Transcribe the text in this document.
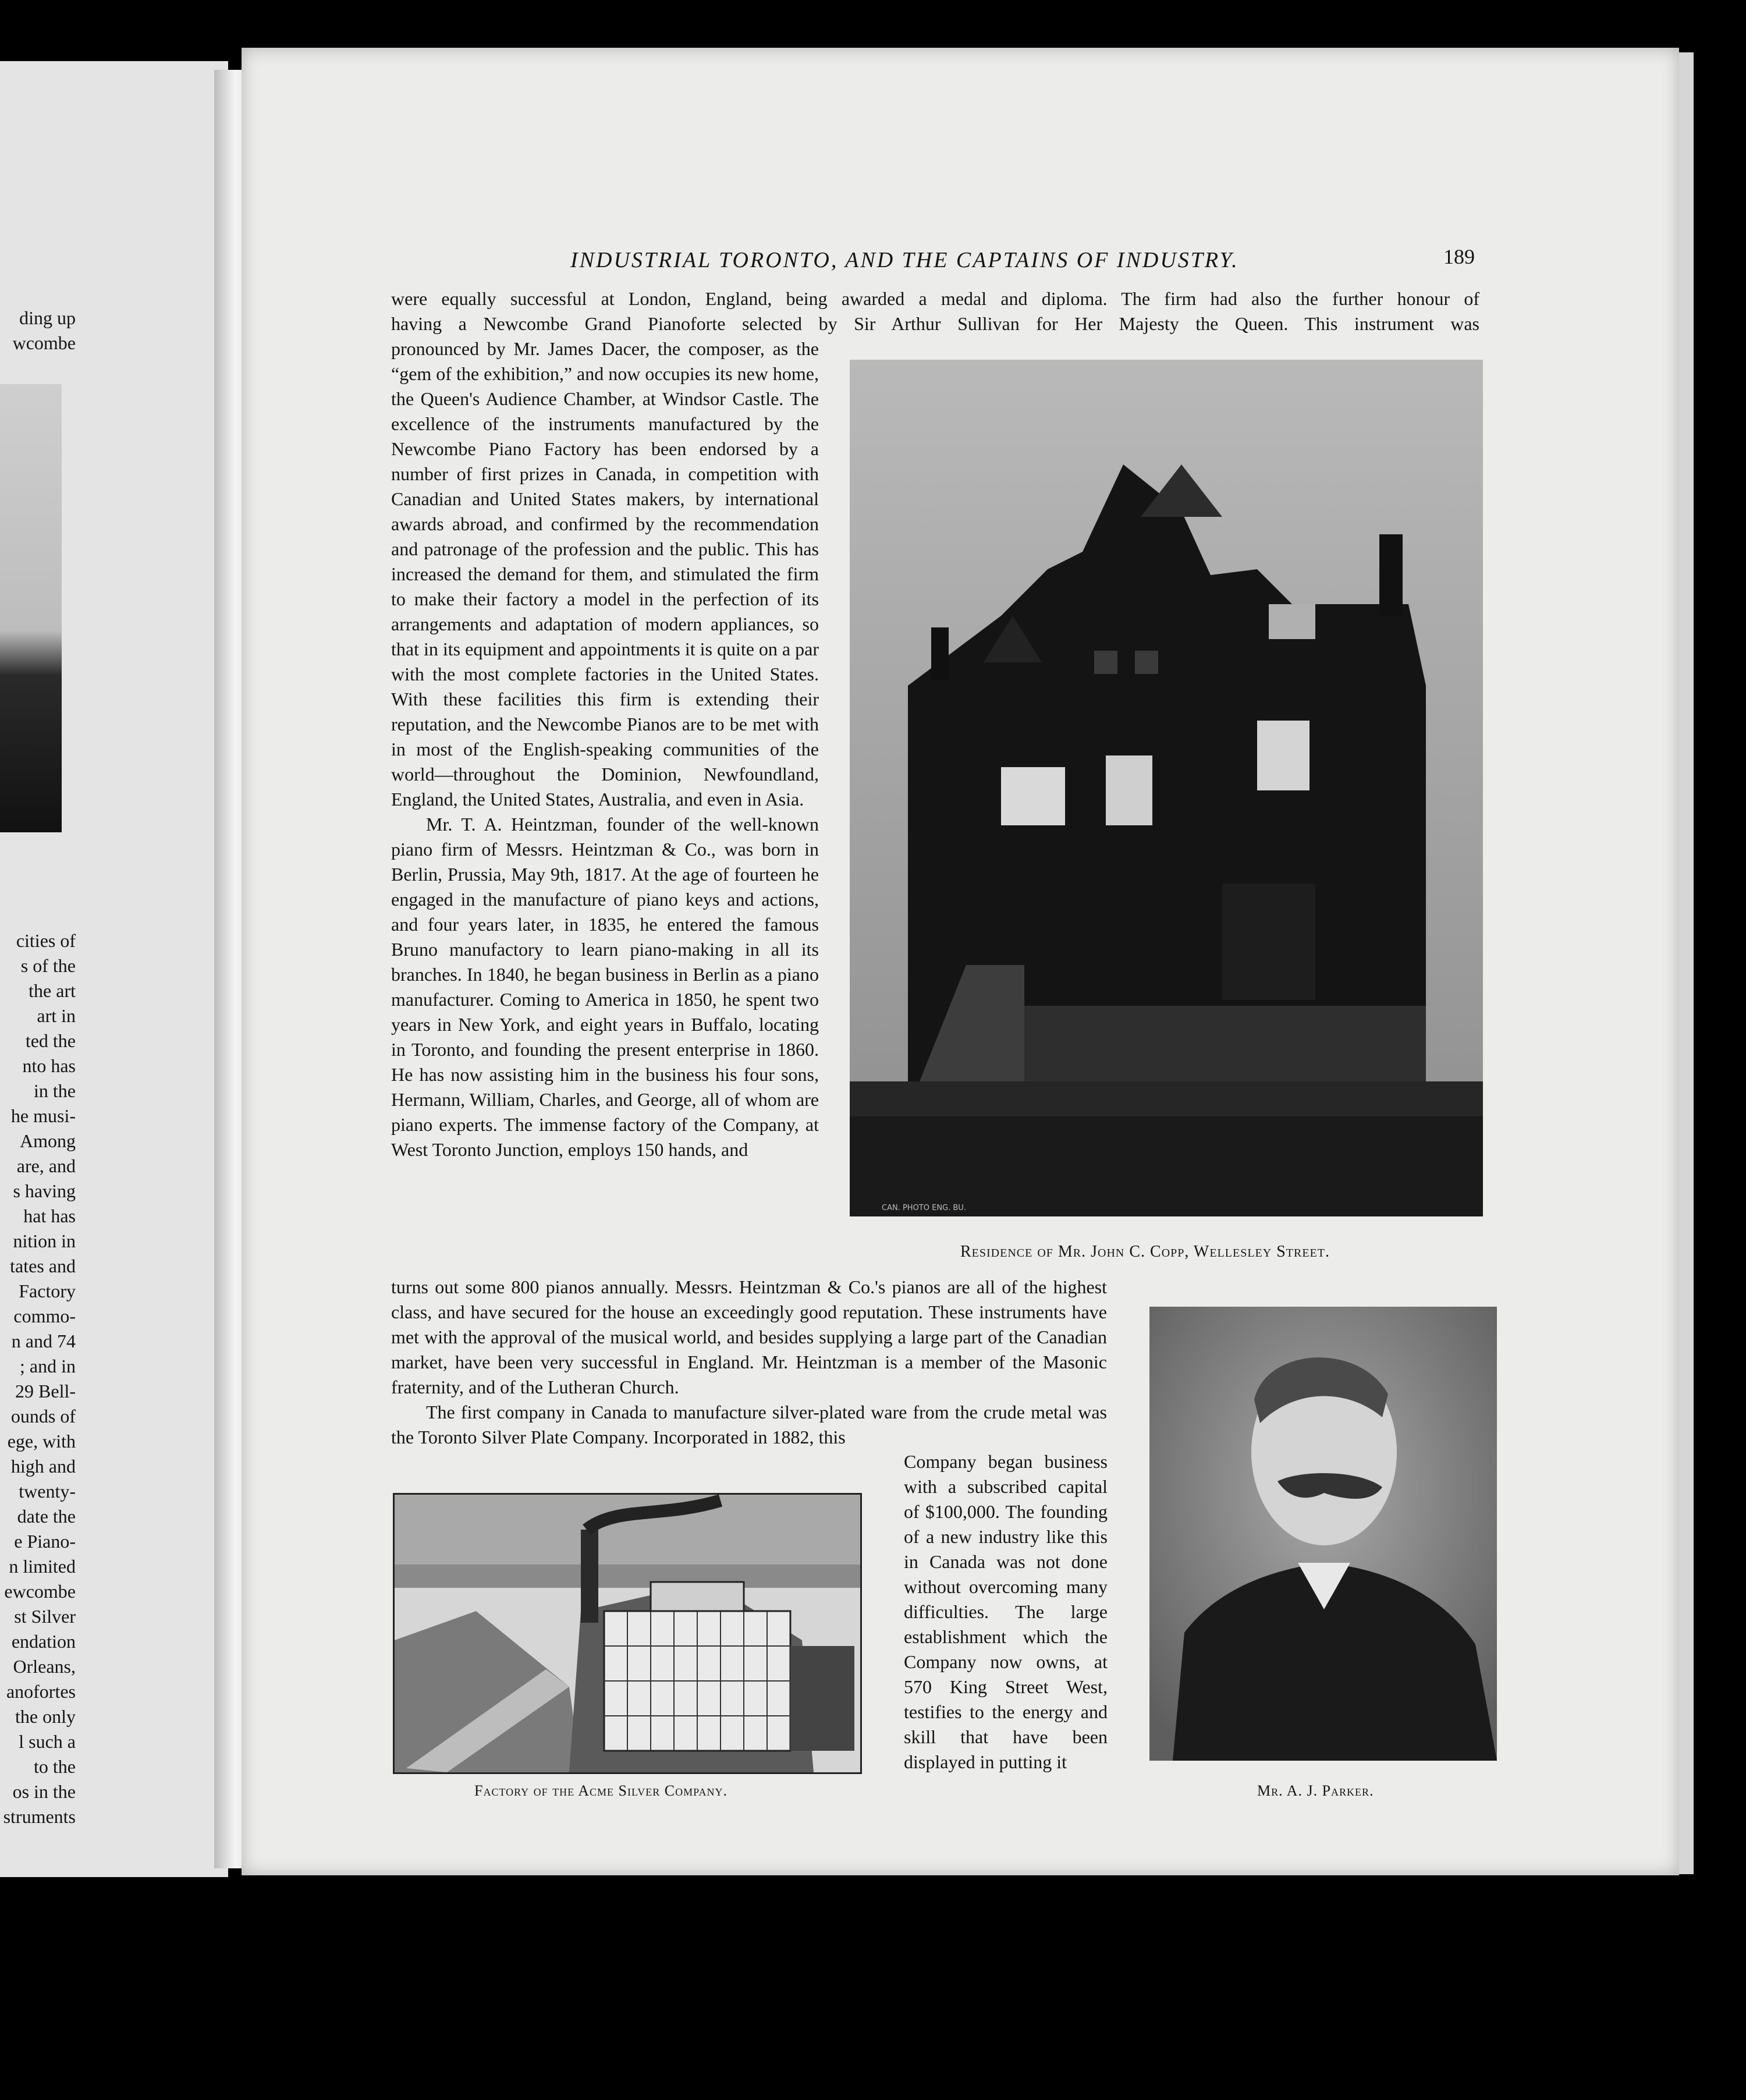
ding up
wcombe
cities of
s of the
the art
art in
ted the
nto has
in the
he musi-
Among
are, and
s having
hat has
nition in
tates and
Factory
commo-
n and 74
; and in
29 Bell-
ounds of
ege, with
high and
twenty-
date the
e Piano-
n limited
ewcombe
st Silver
endation
Orleans,
anofortes
the only
l such a
to the
os in the
struments
INDUSTRIAL TORONTO, AND THE CAPTAINS OF INDUSTRY.	189

were equally successful at London, England, being awarded a medal and diploma. The firm had also the further honour of

having a Newcombe Grand Pianoforte selected by Sir Arthur Sullivan for Her Majesty the Queen. This instrument was

pronounced by Mr. James Dacer, the composer, as the “gem of the exhibition,” and now occupies its new home, the Queen's Audience Chamber, at Windsor Castle. The excellence of the instruments manufactured by the Newcombe Piano Factory has been endorsed by a number of first prizes in Canada, in competition with Canadian and United States makers, by international awards abroad, and confirmed by the recommendation and patronage of the profession and the public. This has increased the demand for them, and stimulated the firm to make their factory a model in the perfection of its arrangements and adaptation of modern appliances, so that in its equipment and appointments it is quite on a par with the most complete factories in the United States. With these facilities this firm is extending their reputation, and the Newcombe Pianos are to be met with in most of the English-speaking communities of the world—throughout the Dominion, Newfoundland, England, the United States, Australia, and even in Asia.

Mr. T. A. Heintzman, founder of the well-known piano firm of Messrs. Heintzman & Co., was born in Berlin, Prussia, May 9th, 1817. At the age of fourteen he engaged in the manufacture of piano keys and actions, and four years later, in 1835, he entered the famous Bruno manufactory to learn piano-making in all its branches. In 1840, he began business in Berlin as a piano manufacturer. Coming to America in 1850, he spent two years in New York, and eight years in Buffalo, locating in Toronto, and founding the present enterprise in 1860. He has now assisting him in the business his four sons, Hermann, William, Charles, and George, all of whom are piano experts. The immense factory of the Company, at West Toronto Junction, employs 150 hands, and

turns out some 800 pianos annually. Messrs. Heintzman & Co.'s pianos are all of the highest class, and have secured for the house an exceedingly good reputation. These instruments have met with the approval of the musical world, and besides supplying a large part of the Canadian market, have been very successful in England. Mr. Heintzman is a member of the Masonic fraternity, and of the Lutheran Church.

The first company in Canada to manufacture silver-plated ware from the crude metal was the Toronto Silver Plate Company. Incorporated in 1882, this

Company began business with a subscribed capital of $100,000. The founding of a new industry like this in Canada was not done without overcoming many difficulties. The large establishment which the Company now owns, at 570 King Street West, testifies to the energy and skill that have been displayed in putting it

CAN. PHOTO ENG. BU.
Residence of Mr. John C. Copp, Wellesley Street.
Factory of the Acme Silver Company.	Mr. A. J. Parker.
